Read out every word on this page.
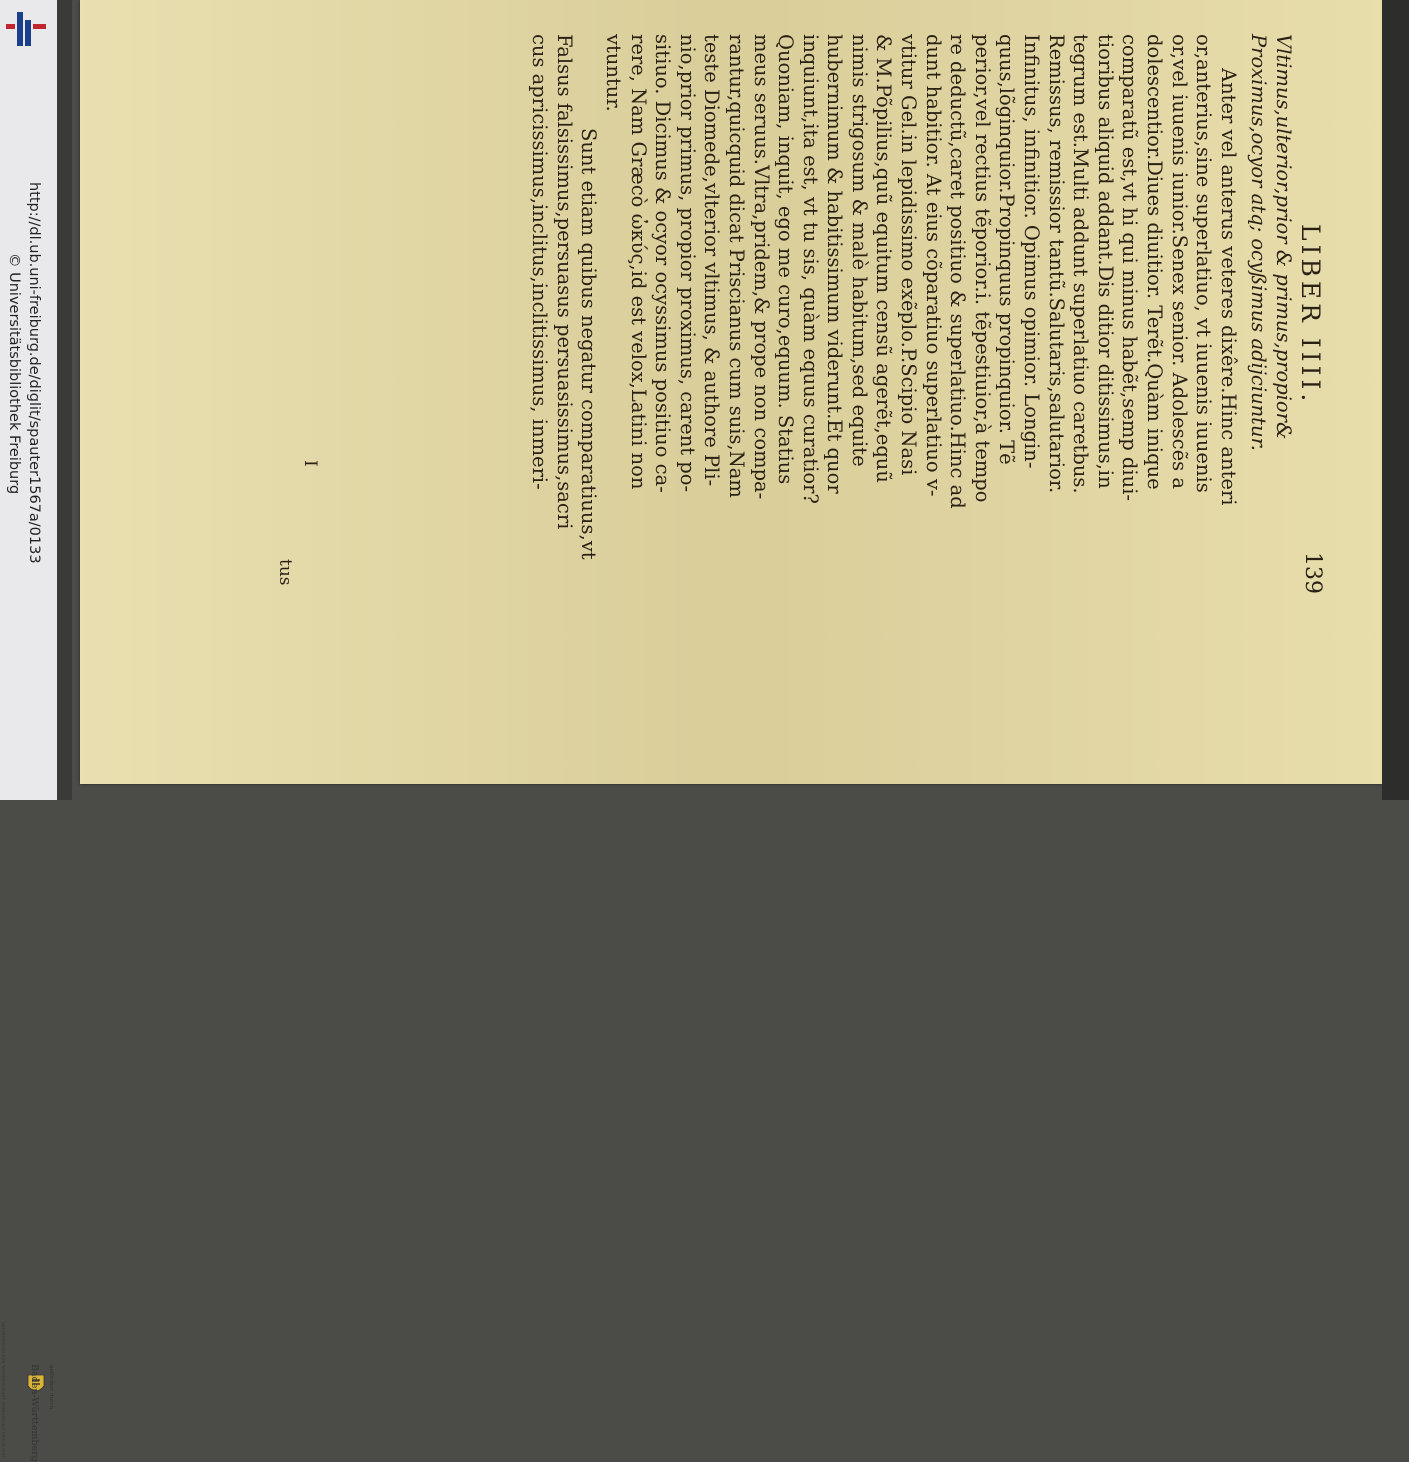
http://dl.ub.uni-freiburg.de/diglit/spauter1567a/0133
© Universitätsbibliothek Freiburg
gefördert durch
Baden-Württemberg
MINISTERIUM FÜR WISSENSCHAFT, FORSCHUNG UND KUNST
LIBER IIII.
139
Vltimus,ulterior,prior & primus,propior&
Proximus,ocyor atq; ocyßimus adijciuntur.
Anter vel anterus veteres dixêre.Hinc anteri
or,anterius,sine superlatiuo, vt iuuenis iuuenis
or,vel iuuenis iunior.Senex senior. Adolescẽs a
dolescentior.Diues diuitior. Terẽt.Quàm inique
comparatũ est,vt hi qui minus habẽt,semp diui-
tioribus aliquid addant.Dis ditior ditissimus,in
tegrum est.Multi addunt superlatiuo caretbus.
Remissus, remissior tantũ.Salutaris,salutarior.
Infinitus, infinitior. Opimus opimior. Longin-
quus,lõginquior.Propinquus propinquior. Tẽ
perior,vel rectius tẽporior.i. tẽpestiuior,à tempo
re deductũ,caret positiuo & superlatiuo.Hinc ad
dunt habitior. At eius cõparatiuo superlatiuo v-
vtitur Gel.in lepidissimo exẽplo.P.Scipio Nasi
& M.Põpilius,quũ equitum censũ agerẽt,equũ
nimis strigosum & malè habitum,sed equite
hubernimum & habitissimum viderunt.Et quor
inquiunt,ita est, vt tu sis, quàm equus curatior?
Quoniam, inquit, ego me curo,equum. Statius
meus seruus.Vltra,pridem,& prope non compa-
rantur,quicquid dicat Priscianus cum suis,Nam
teste Diomede,vlterior vltimus, & authore Pli-
nio,prior primus, propior proximus, carent po-
sitiuo. Dicimus & ocyor ocyssimus positiuo ca-
rere, Nam Græcὸ ὠκύς,id est velox,Latini non
vtuntur.
Sunt etiam quibus negatur comparatiuus,vt
Falsus falsissimus,persuasus persuasissimus,sacri
cus apricissimus,inclitus,inclitissimus, inmeri-
I
tus
